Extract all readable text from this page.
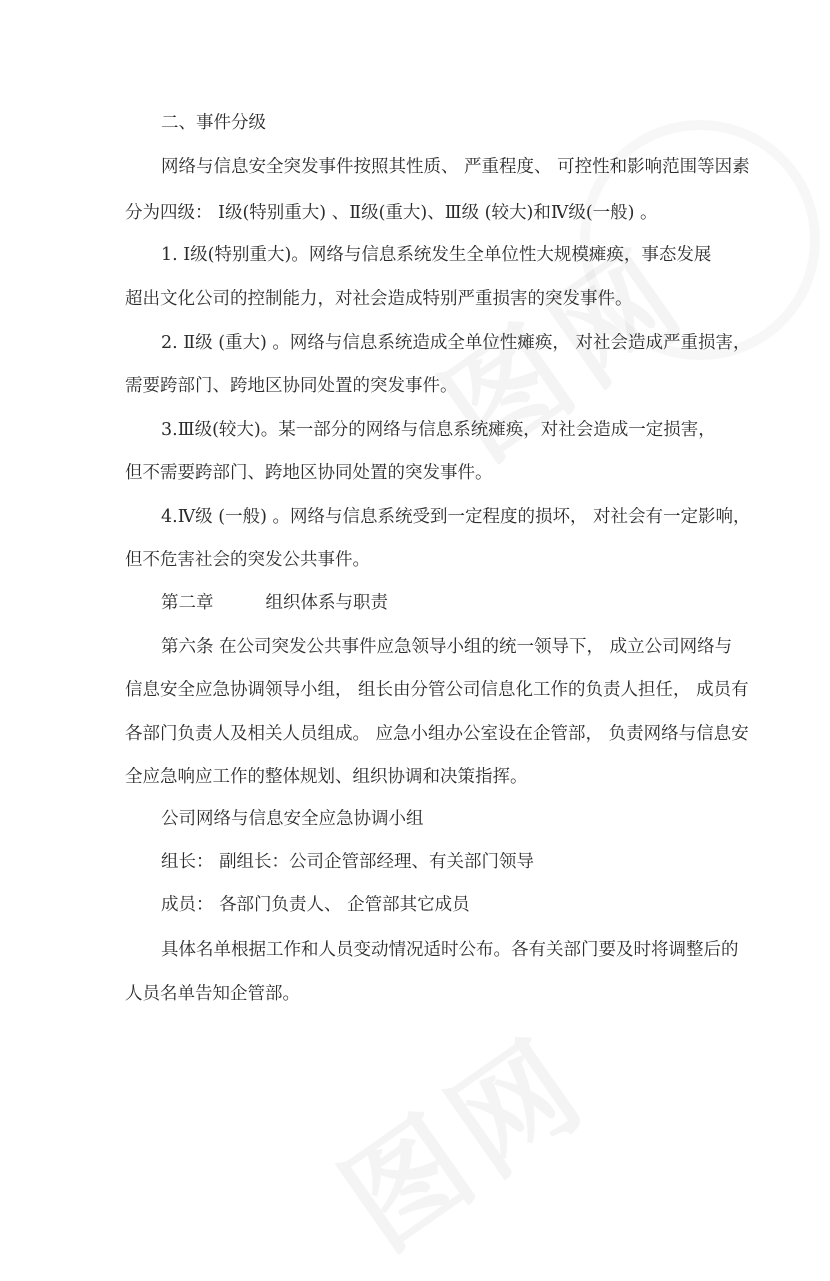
二、事件分级

网络与信息安全突发事件按照其性质、 严重程度、 可控性和影响范围等因素

分为四级： Ⅰ级(特别重大) 、Ⅱ级(重大)、Ⅲ级 (较大)和Ⅳ级(一般) 。

1. Ⅰ级(特别重大)。网络与信息系统发生全单位性大规模瘫痪，事态发展

超出文化公司的控制能力，对社会造成特别严重损害的突发事件。

2. Ⅱ级 (重大) 。网络与信息系统造成全单位性瘫痪， 对社会造成严重损害，

需要跨部门、跨地区协同处置的突发事件。

3.Ⅲ级(较大)。某一部分的网络与信息系统瘫痪，对社会造成一定损害，

但不需要跨部门、跨地区协同处置的突发事件。

4.Ⅳ级 (一般) 。网络与信息系统受到一定程度的损坏， 对社会有一定影响，

但不危害社会的突发公共事件。

第二章	组织体系与职责

第六条 在公司突发公共事件应急领导小组的统一领导下， 成立公司网络与

信息安全应急协调领导小组， 组长由分管公司信息化工作的负责人担任， 成员有

各部门负责人及相关人员组成。 应急小组办公室设在企管部， 负责网络与信息安

全应急响应工作的整体规划、组织协调和决策指挥。

公司网络与信息安全应急协调小组

组长： 副组长：公司企管部经理、有关部门领导

成员： 各部门负责人、 企管部其它成员

具体名单根据工作和人员变动情况适时公布。各有关部门要及时将调整后的

人员名单告知企管部。
